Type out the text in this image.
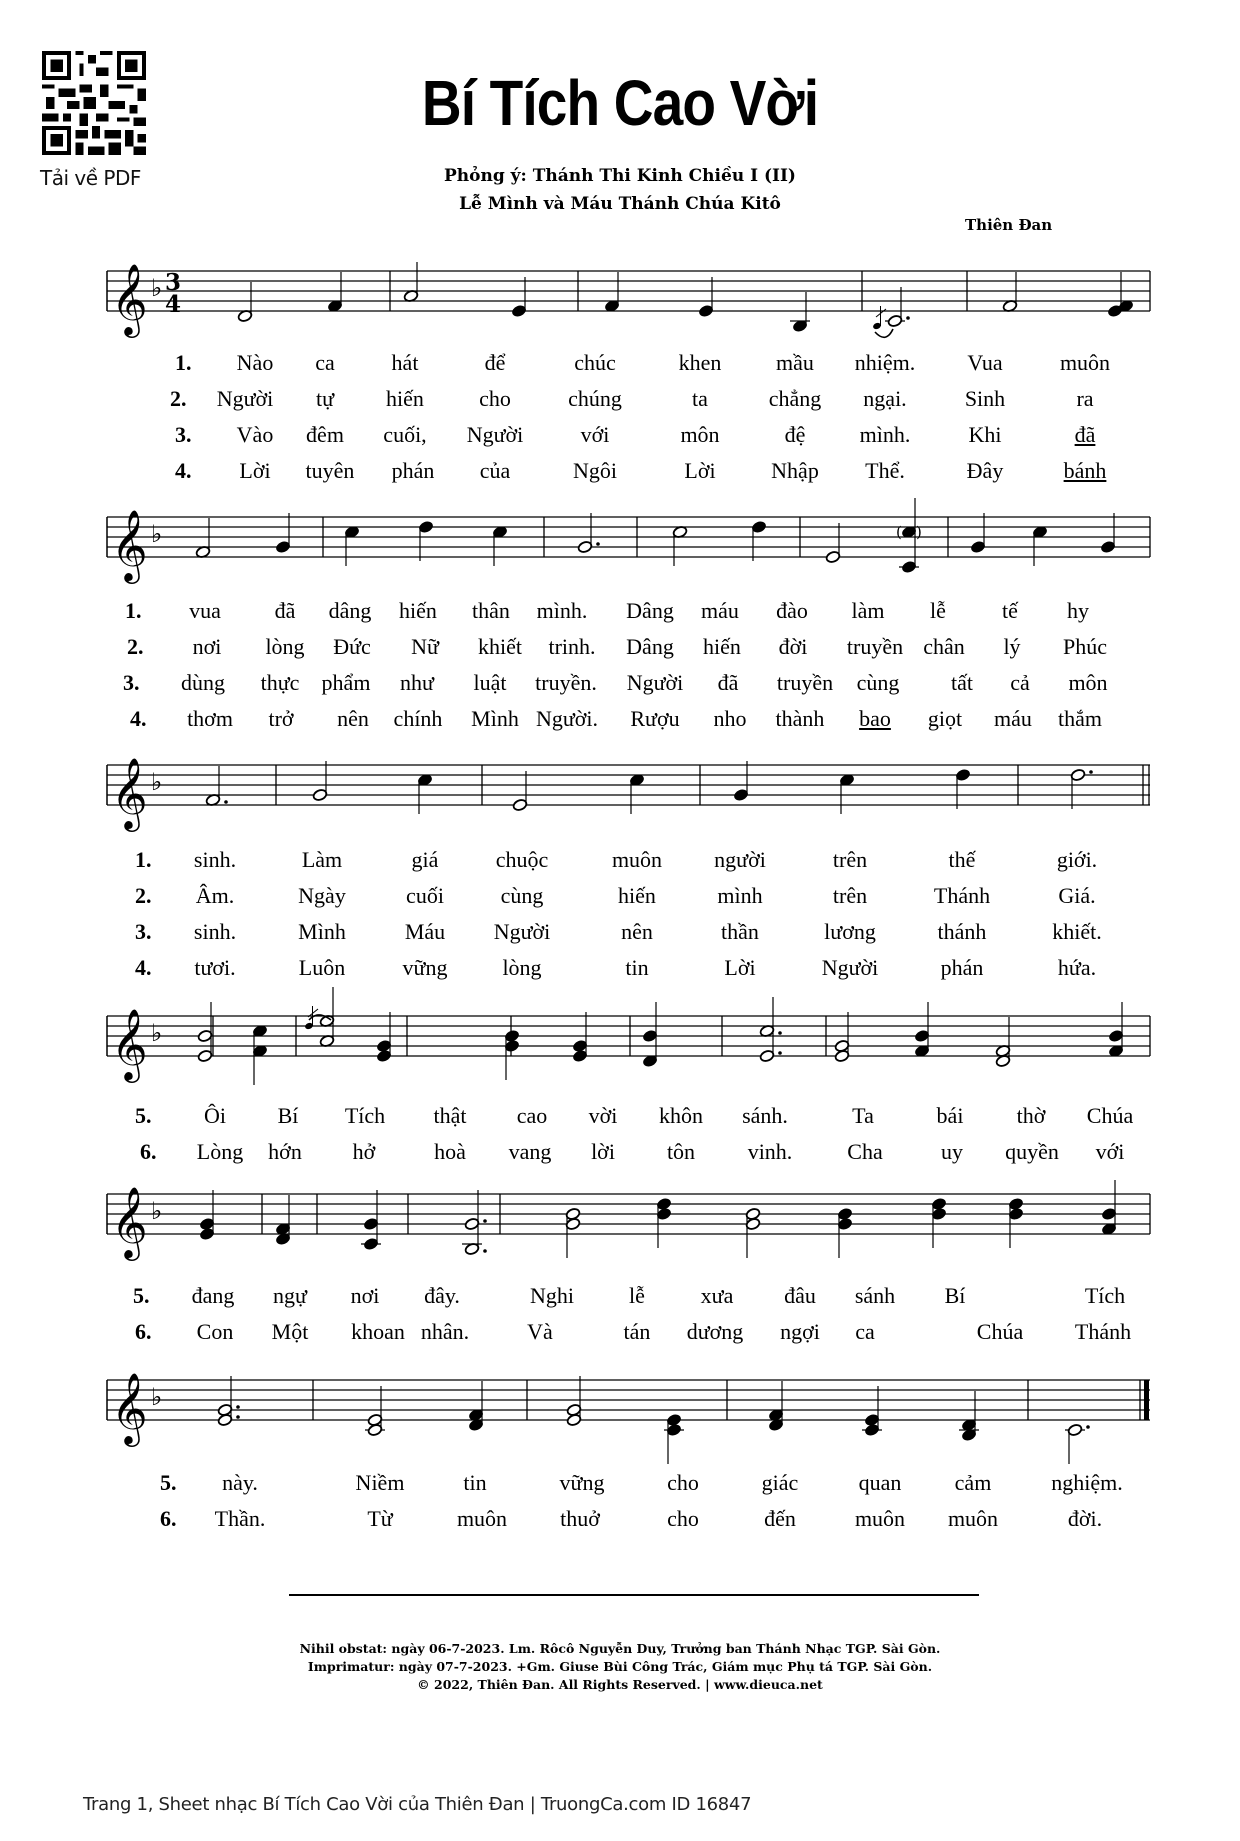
Tải về PDF
Bí Tích Cao Vời
Phỏng ý: Thánh Thi Kinh Chiều I (II)
Lễ Mình và Máu Thánh Chúa Kitô
Thiên Đan
𝄞 ♭ 3
4
𝄞 ♭	( )
𝄞 ♭
𝄞 ♭
𝄞 ♭
𝄞 ♭
1. Nào ca	hát	để	chúc	khen mầu nhiệm. Vua	muôn
2. Người tự hiến	cho	chúng	ta	chẳng ngại.	Sinh	ra
3. Vào đêm cuối, Người	với	môn	đệ mình.	Khi	đã
4. Lời tuyên phán của	Ngôi	Lời	Nhập Thể.	Đây	bánh
1. vua đã dâng hiến thân mình. Dâng máu đào làm lễ	tế hy
2. nơi lòng Đức Nữ khiết trinh. Dâng hiến đời truyền chân lý Phúc
3. dùng thực phẩm như luật truyền. Người đã truyền cùng tất cả môn
4. thơm trở nên chính Mình Người. Rượu nho thành bao giọt máu thắm
1. sinh.	Làm	giá	chuộc	muôn người	trên	thế	giới.
2. Âm.	Ngày	cuối	cùng	hiến	mình	trên	Thánh	Giá.
3. sinh.	Mình	Máu Người	nên	thần	lương	thánh	khiết.
4. tươi.	Luôn	vững lòng	tin	Lời	Người	phán	hứa.
5. Ôi Bí Tích thật cao vời khôn sánh.	Ta	bái thờ Chúa
6. Lòng hớn hở	hoà vang lời tôn vinh. Cha	uy quyền với
5. đang ngự nơi đây.	Nghi	lễ	xưa đâu sánh Bí	Tích
6. Con Một khoan nhân.	Và	tán dương ngợi ca	Chúa Thánh
5. này.	Niềm	tin	vững	cho	giác	quan cảm	nghiệm.
6. Thần.	Từ	muôn thuở	cho	đến	muôn muôn	đời.
Nihil obstat: ngày 06-7-2023. Lm. Rôcô Nguyễn Duy, Trưởng ban Thánh Nhạc TGP. Sài Gòn.
Imprimatur: ngày 07-7-2023. +Gm. Giuse Bùi Công Trác, Giám mục Phụ tá TGP. Sài Gòn.
© 2022, Thiên Đan. All Rights Reserved. | www.dieuca.net
Trang 1, Sheet nhạc Bí Tích Cao Vời của Thiên Đan | TruongCa.com ID 16847
